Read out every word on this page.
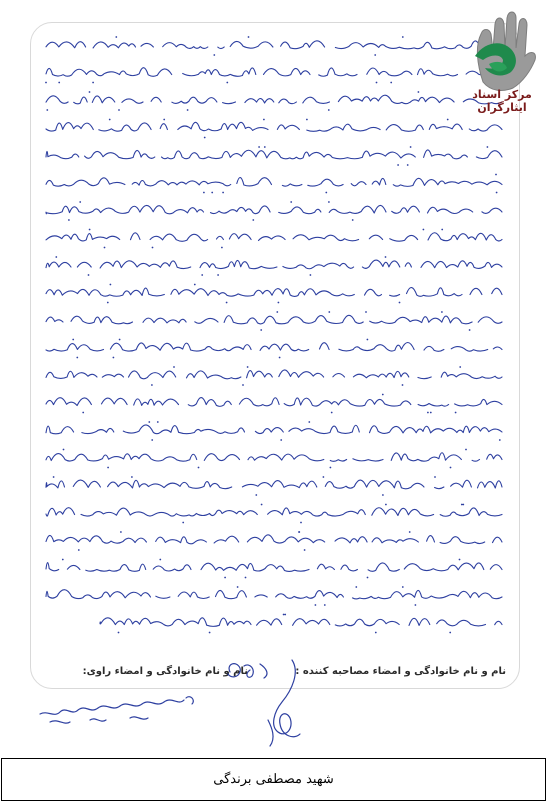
مرکز اسناد ایثارگران
نام و نام خانوادگی و امضاء مصاحبه کننده :
نام و نام خانوادگی و امضاء راوی:
شهید مصطفی برندگی
